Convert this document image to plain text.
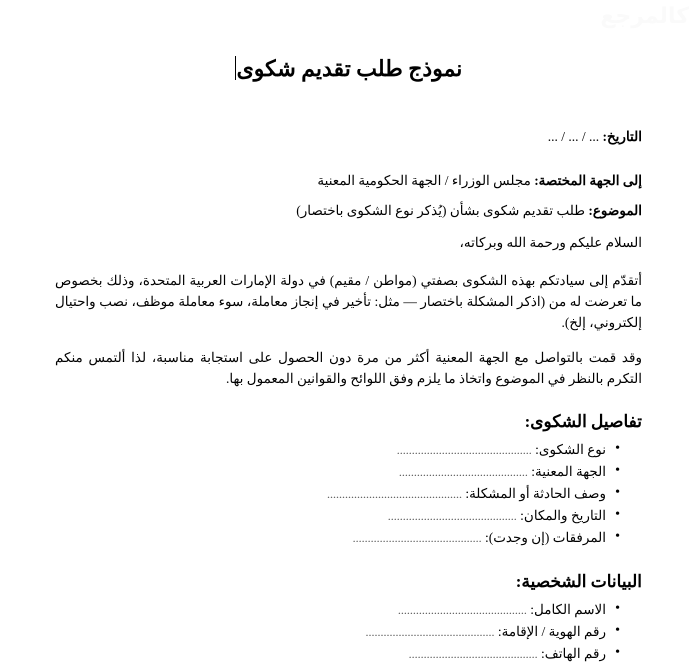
كالمرجع
نموذج طلب تقديم شكوى
التاريخ: ... / ... / ...
إلى الجهة المختصة: مجلس الوزراء / الجهة الحكومية المعنية
الموضوع: طلب تقديم شكوى بشأن (يُذكر نوع الشكوى باختصار)
السلام عليكم ورحمة الله وبركاته،

أتقدّم إلى سيادتكم بهذه الشكوى بصفتي (مواطن / مقيم) في دولة الإمارات العربية المتحدة، وذلك بخصوص ما تعرضت له من (اذكر المشكلة باختصار — مثل: تأخير في إنجاز معاملة، سوء معاملة موظف، نصب واحتيال إلكتروني، إلخ).

وقد قمت بالتواصل مع الجهة المعنية أكثر من مرة دون الحصول على استجابة مناسبة، لذا ألتمس منكم التكرم بالنظر في الموضوع واتخاذ ما يلزم وفق اللوائح والقوانين المعمول بها.

تفاصيل الشكوى:
• نوع الشكوى: .............................................
• الجهة المعنية: ...........................................
• وصف الحادثة أو المشكلة: .............................................
• التاريخ والمكان: ...........................................
• المرفقات (إن وجدت): ...........................................
البيانات الشخصية:
• الاسم الكامل: ...........................................
• رقم الهوية / الإقامة: ...........................................
• رقم الهاتف: ...........................................
